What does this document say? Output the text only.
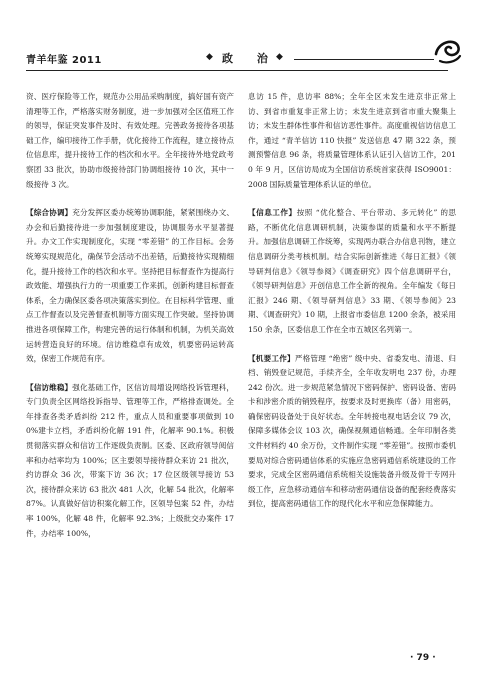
青羊年鉴 2011	◆ 政 治
◆

资、医疗保险等工作，规范办公用品采购制度，搞好国有资产清理等工作，严格落实财务制度，进一步加强对全区值班工作的领导，保证突发事件及时、有效处理。完善政务接待各项基础工作，编印接待工作手册，优化接待工作流程，建立接待点位信息库，提升接待工作的档次和水平。全年接待外地党政考察团 33 批次，协助市级接待部门协调组接待 10 次，其中一级接待 3 次。

【综合协调】充分发挥区委办统筹协调职能，紧紧围绕办文、办会和后勤接待进一步加强制度建设，协调服务水平显著提升。办文工作实现制度化，实现 “零差错” 的工作目标。会务统筹实现规范化，确保节会活动不出差错，后勤接待实现精细化，提升接待工作的档次和水平。坚持把目标督查作为提高行政效能、增强执行力的一项重要工作来抓，创新构建目标督查体系，全力确保区委各项决策落实到位。在目标科学管理、重点工作督查以及完善督查机制等方面实现工作突破。坚持协调推进各项保障工作，构建完善的运行体制和机制，为机关高效运转营造良好的环境。信访维稳卓有成效，机要密码运转高效，保密工作规范有序。

【信访维稳】强化基础工作，区信访局增设网络投诉管理科，专门负责全区网络投诉指导、管理等工作，严格排查调处。全年排查各类矛盾纠纷 212 件，重点人员和重要事项做到 100%建卡立档，矛盾纠纷化解 191 件，化解率 90.1%。积极贯彻落实群众和信访工作逐级负责制。区委、区政府领导阅信率和办结率均为 100%；区主要领导接待群众来访 21 批次，约访群众 36 次，带案下访 36 次；17 位区级领导接访 53 次，接待群众来访 63 批次 481 人次，化解 54 批次，化解率 87%。认真做好信访积案化解工作，区领导包案 52 件，办结率 100%，化解 48 件，化解率 92.3%；上级批交办案件 17 件，办结率 100%，

息访 15 件，息访率 88%；全年全区未发生进京非正常上访、到省市重复非正常上访；未发生进京到省市重大聚集上访；未发生群体性事件和信访恶性事件。高度重视信访信息工作，通过 “青羊信访 110 快报” 发送信息 47 期 322 条，预测预警信息 96 条，将质量管理体系认证引入信访工作，2010 年 9 月，区信访局成为全国信访系统首家获得 ISO9001：2008 国际质量管理体系认证的单位。

【信息工作】按照 “优化整合、平台带动、多元转化” 的思路，不断优化信息调研机制，决策参谋的质量和水平不断提升。加强信息调研工作统筹，实现两办联合办信息刊物，建立信息调研分类考核机制。结合实际创新推进《每日汇报》《领导研判信息》《领导参阅》《调查研究》四个信息调研平台，《领导研判信息》开创信息工作全新的视角。全年编发《每日汇报》246 期、《领导研判信息》33 期、《领导参阅》23 期、《调查研究》10 期，上报省市委信息 1200 余条，被采用 150 余条，区委信息工作在全市五城区名列第一。

【机要工作】严格管理 “绝密” 级中央、省委发电、清退、归档、销毁登记规范，手续齐全，全年收发明电 237 份，办理 242 份次。进一步规范紧急情况下密码保护、密码设备、密码卡和涉密介质的销毁程序，按要求及时更换库（备）用密码，确保密码设备处于良好状态。全年转接电视电话会议 79 次，保障多媒体会议 103 次，确保视频通信畅通。全年印制各类文件材料约 40 余万份，文件制作实现 “零差错”。按照市委机要局对综合密码通信体系的实施应急密码通信系统建设的工作要求，完成全区密码通信系统相关设施装备升级及骨干专网升级工作，应急移动通信车和移动密码通信设备的配套经费落实到位，提高密码通信工作的现代化水平和应急保障能力。

· 79 ·
